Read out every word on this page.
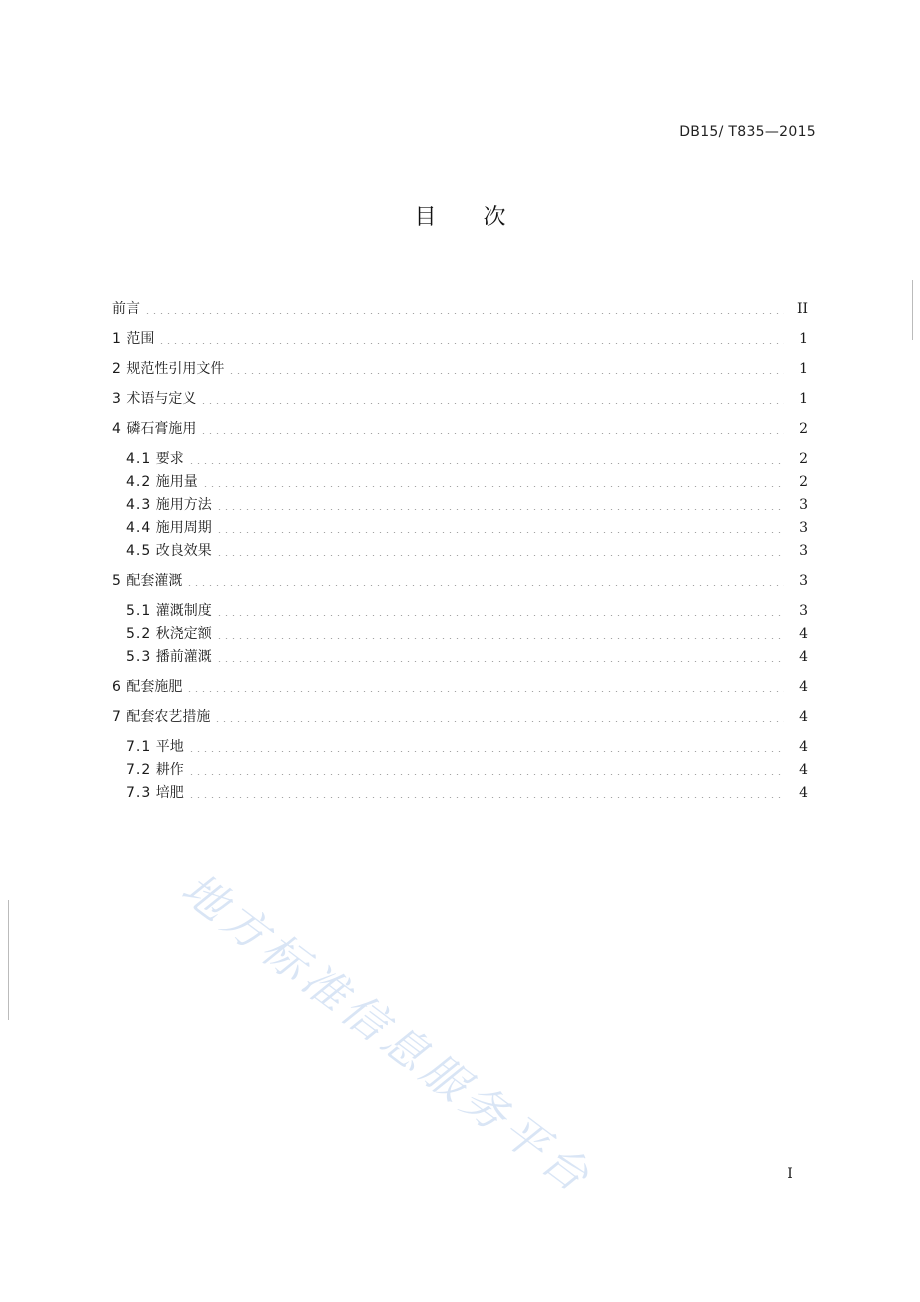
DB15/ T835—2015
目 次
前言	II
1 范围	1
2 规范性引用文件	1
3 术语与定义	1
4 磷石膏施用	2
4.1 要求	2
4.2 施用量	2
4.3 施用方法	3
4.4 施用周期	3
4.5 改良效果	3
5 配套灌溉	3
5.1 灌溉制度	3
5.2 秋浇定额	4
5.3 播前灌溉	4
6 配套施肥	4
7 配套农艺措施	4
7.1 平地	4
7.2 耕作	4
7.3 培肥	4
I
地方标准信息服务平台
